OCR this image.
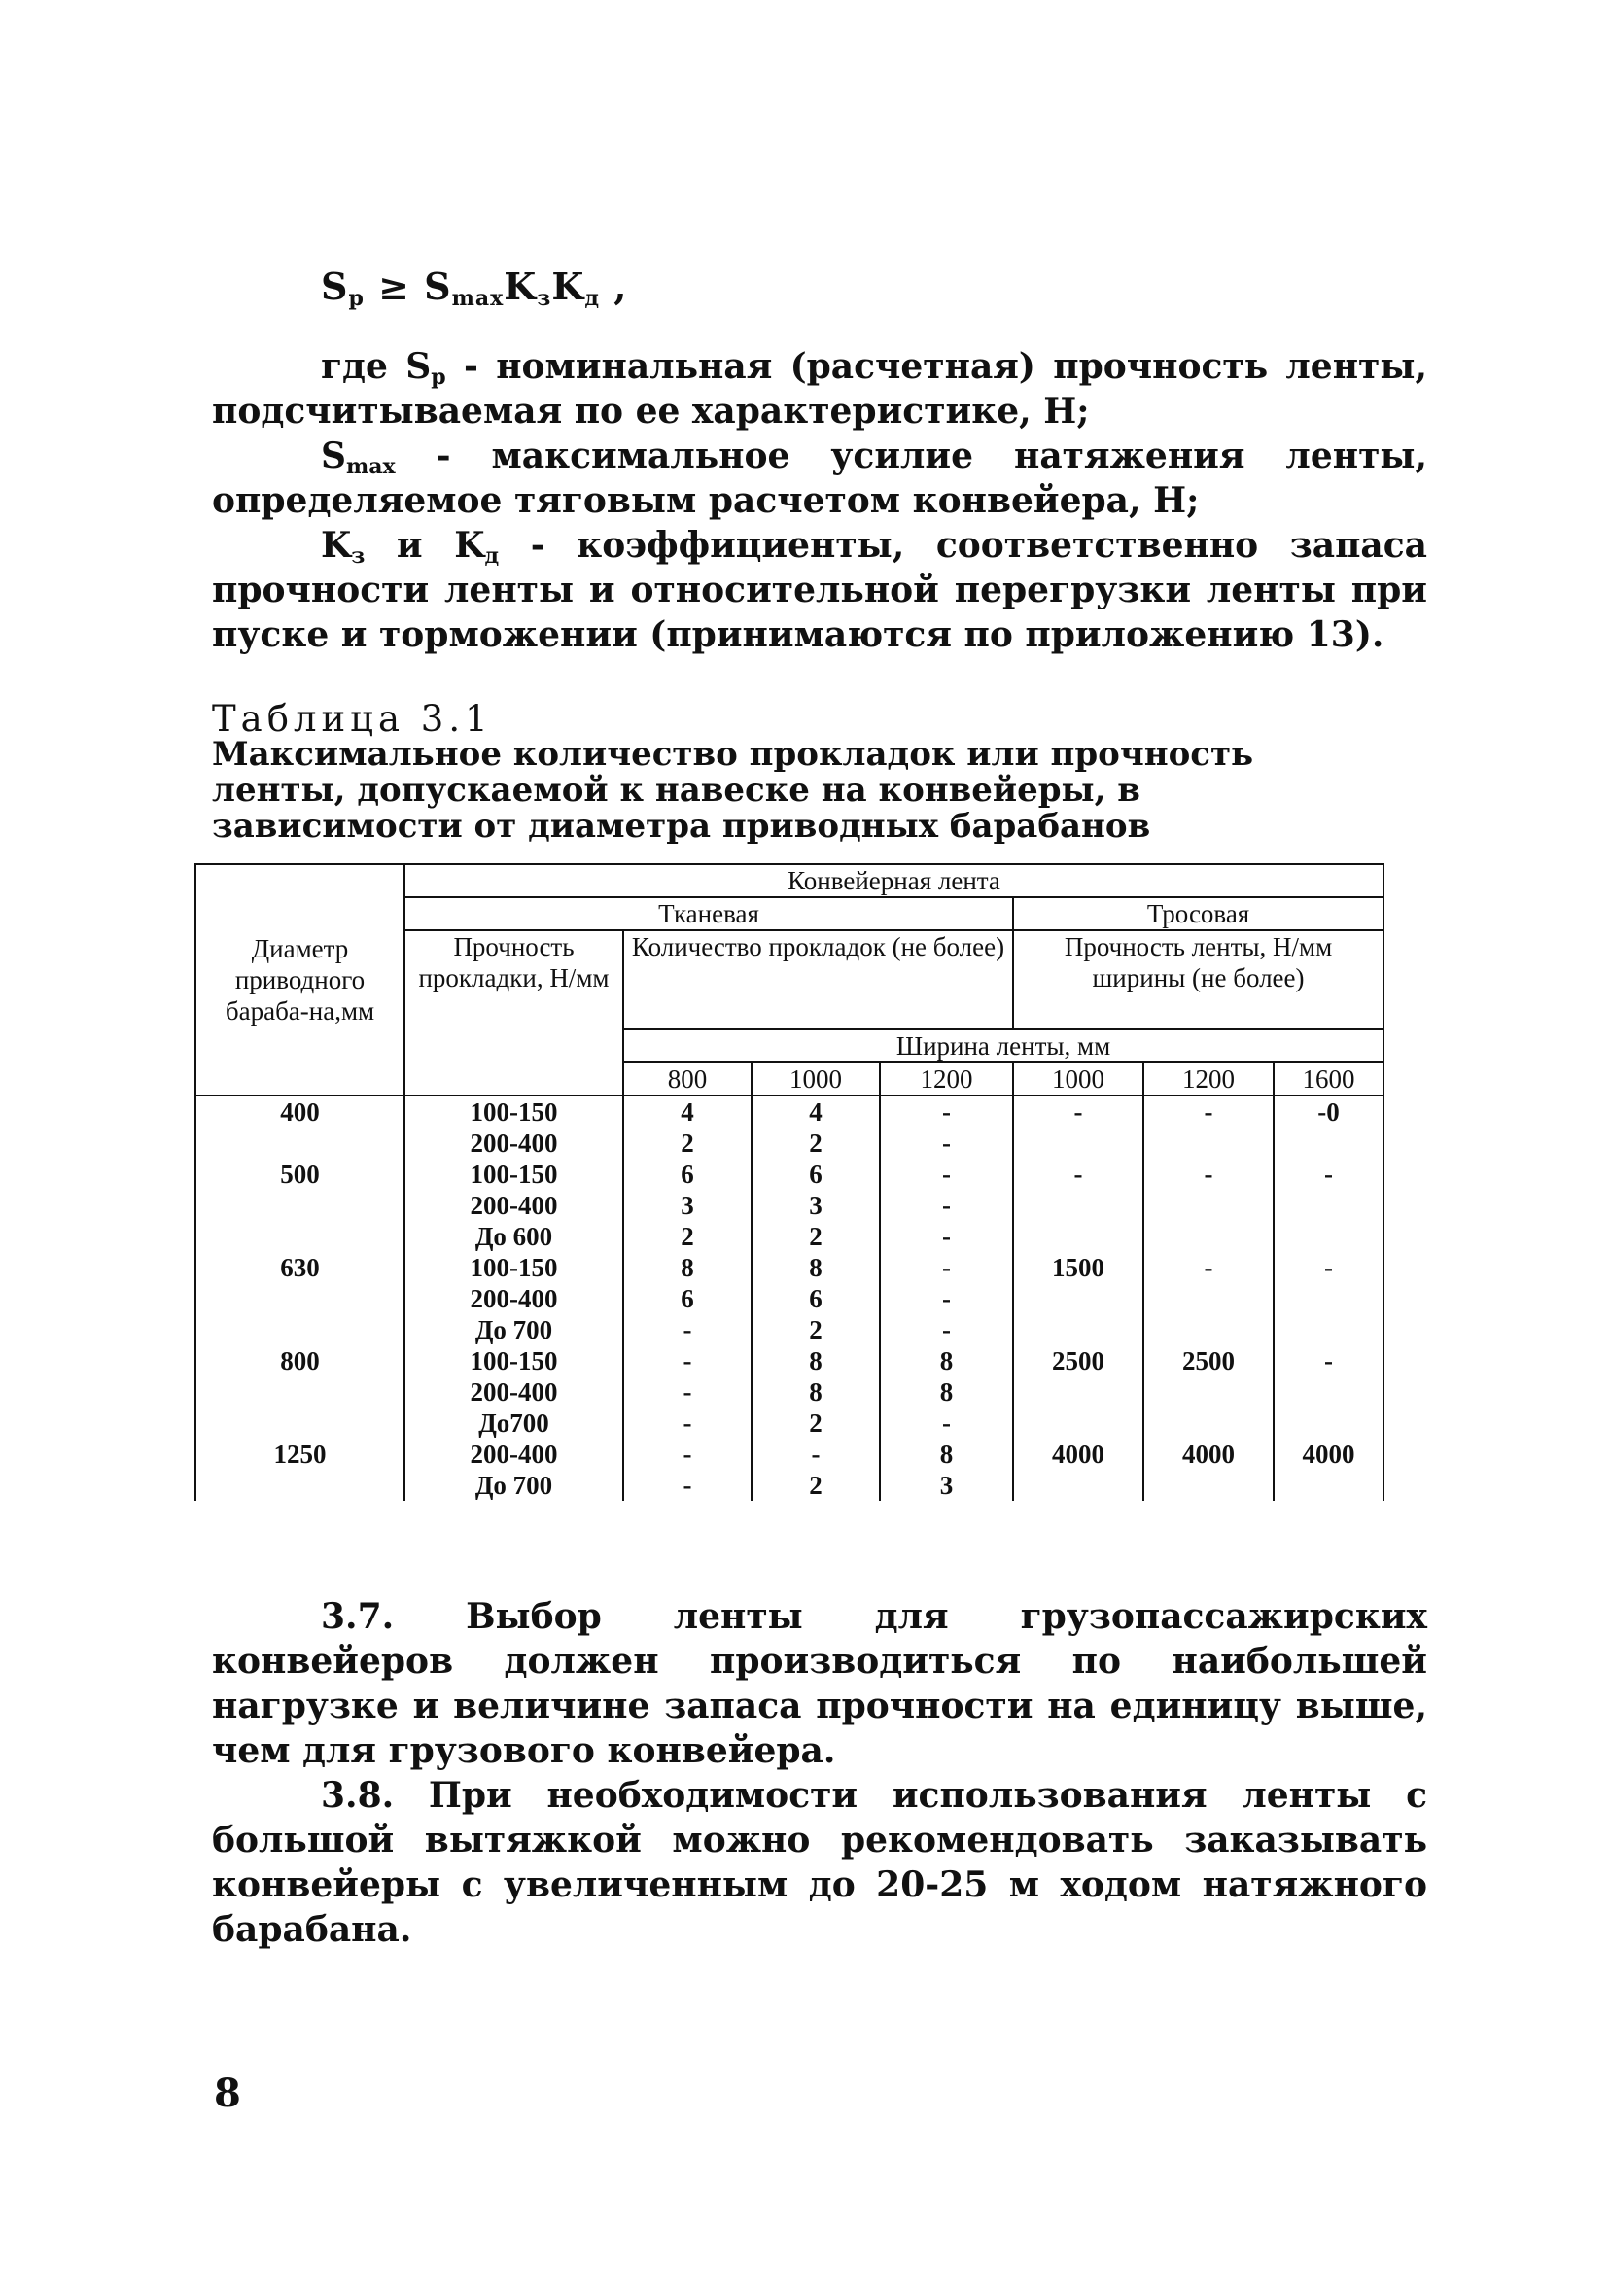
$S_p \ge S_{max}K_зK_д$ ,

где $S_p$ - номинальная (расчетная) прочность ленты, подсчитываемая по ее характеристике, Н;

$S_{max}$ - максимальное усилие натяжения ленты, определяемое тяговым расчетом конвейера, Н;

$K_з$ и $K_д$ - коэффициенты, соответственно запаса прочности ленты и относительной перегрузки ленты при пуске и торможении (принимаются по приложению 13).

Таблица 3.1
Максимальное количество прокладок или прочность ленты, допускаемой к навеске на конвейеры, в зависимости от диаметра приводных барабанов
Диаметр приводного бараба-на,мм	Конвейерная лента						
	Тканевая				Тросовая		
	Прочность прокладки, Н/мм	Количество прокладок (не более)			Прочность ленты, Н/мм ширины (не более)		
		Ширина ленты, мм					
		800	1000	1200	1000	1200	1600
400	100-150	4	4	-	-	-	-0
	200-400	2	2	-			
500	100-150	6	6	-	-	-	-
	200-400	3	3	-			
	До 600	2	2	-			
630	100-150	8	8	-	1500	-	-
	200-400	6	6	-			
	До 700	-	2	-			
800	100-150	-	8	8	2500	2500	-
	200-400	-	8	8			
	До700	-	2	-			
1250	200-400	-	-	8	4000	4000	4000
	До 700	-	2	3			

3.7. Выбор ленты для грузопассажирских конвейеров должен производиться по наибольшей нагрузке и величине запаса прочности на единицу выше, чем для грузового конвейера.

3.8. При необходимости использования ленты с большой вытяжкой можно рекомендовать заказывать конвейеры с увеличенным до 20-25 м ходом натяжного барабана.

8
